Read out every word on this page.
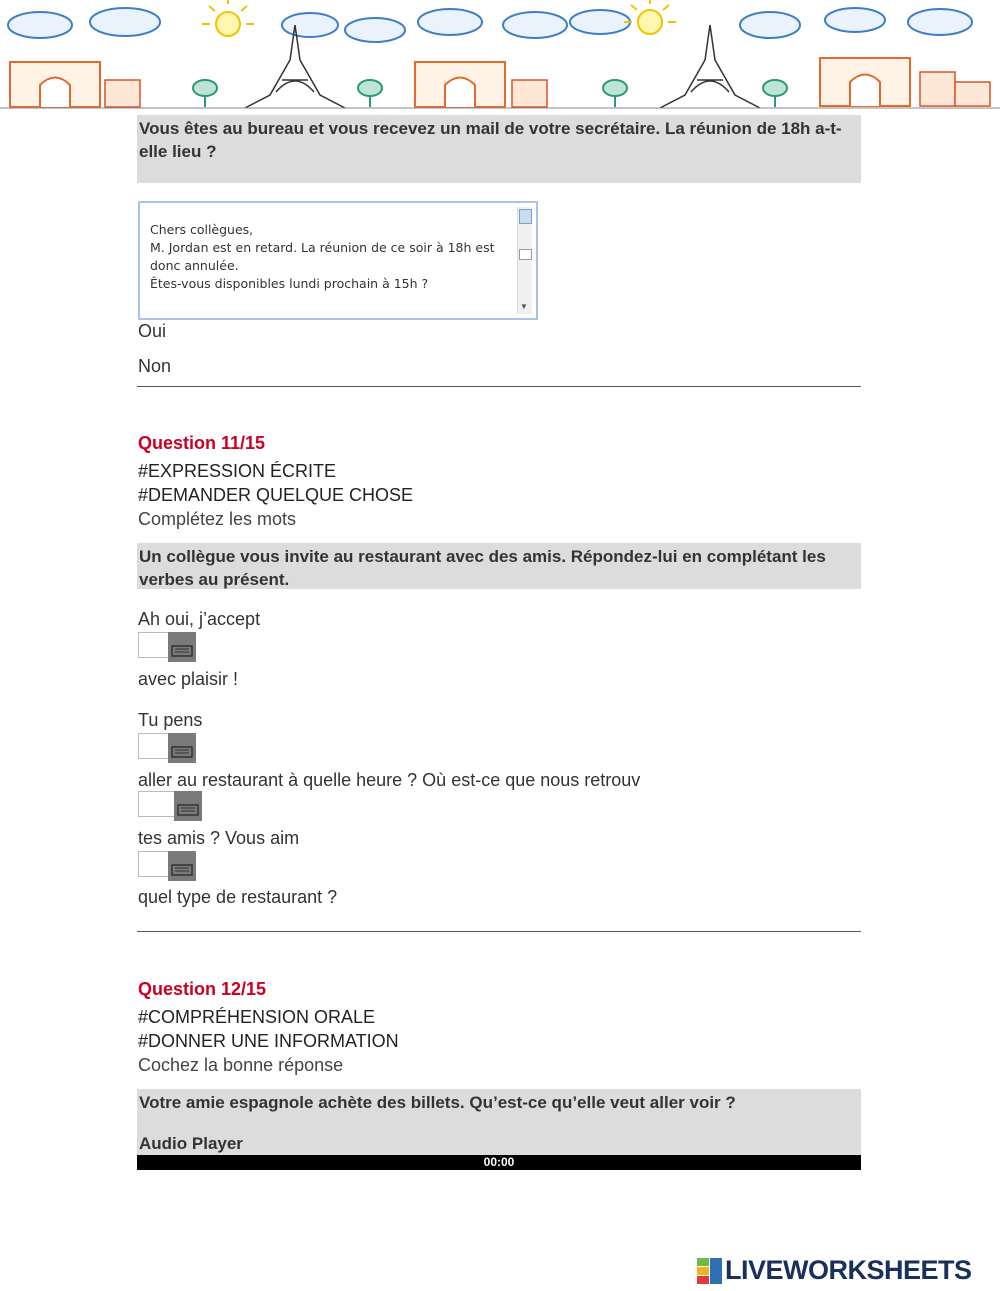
Vous êtes au bureau et vous recevez un mail de votre secrétaire. La réunion de 18h a-t-elle lieu ?
Chers collègues,
M. Jordan est en retard. La réunion de ce soir à 18h est donc annulée.
Êtes-vous disponibles lundi prochain à 15h ?
▼
Oui
Non
Question 11/15
#EXPRESSION ÉCRITE
#DEMANDER QUELQUE CHOSE
Complétez les mots
Un collègue vous invite au restaurant avec des amis. Répondez-lui en complétant les verbes au présent.
Ah oui, j’accept
avec plaisir !
Tu pens
aller au restaurant à quelle heure ? Où est-ce que nous retrouv
tes amis ? Vous aim
quel type de restaurant ?
Question 12/15
#COMPRÉHENSION ORALE
#DONNER UNE INFORMATION
Cochez la bonne réponse
Votre amie espagnole achète des billets. Qu’est-ce qu’elle veut aller voir ?
Audio Player
00:00
LIVEWORKSHEETS
